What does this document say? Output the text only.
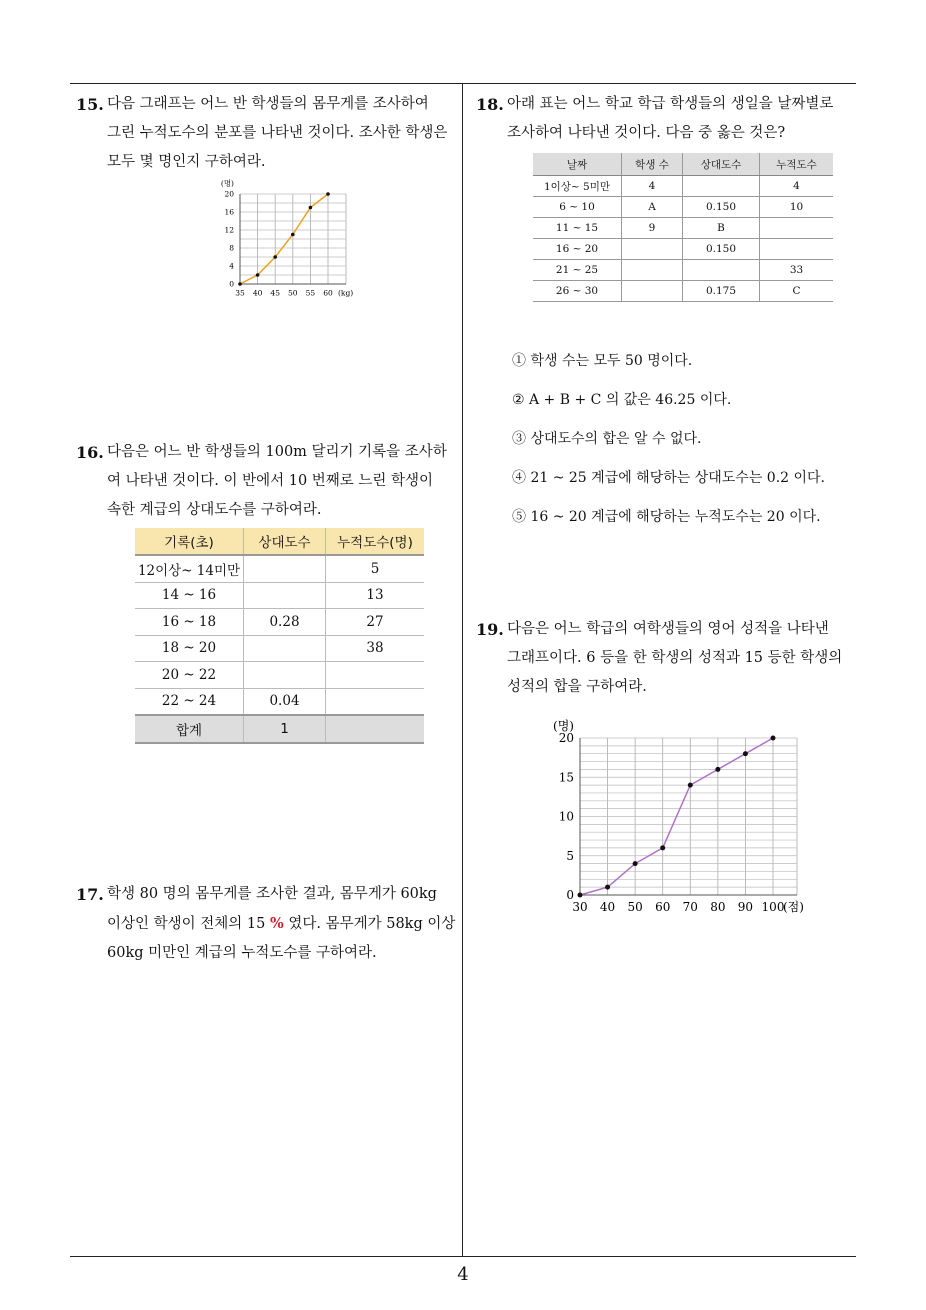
15. 다음 그래프는 어느 반 학생들의 몸무게를 조사하여
그린 누적도수의 분포를 나타낸 것이다. 조사한 학생은
모두 몇 명인지 구하여라.
35 40 45 50 55 60
0
4
8
12
16
20
(kg)
(명)
16. 다음은 어느 반 학생들의 100m 달리기 기록을 조사하
여 나타낸 것이다. 이 반에서 10 번째로 느린 학생이
속한 계급의 상대도수를 구하여라.
기록(초)	상대도수	누적도수(명)
12이상~ 14미만		5
14 ~ 16		13
16 ~ 18	0.28	27
18 ~ 20		38
20 ~ 22		
22 ~ 24	0.04	
합계	1	
17. 학생 80 명의 몸무게를 조사한 결과, 몸무게가 60kg
이상인 학생이 전체의 15 % 였다. 몸무게가 58kg 이상
60kg 미만인 계급의 누적도수를 구하여라.
18. 아래 표는 어느 학교 학급 학생들의 생일을 날짜별로
조사하여 나타낸 것이다. 다음 중 옳은 것은?
날짜	학생 수	상대도수	누적도수
1이상~ 5미만	4		4
6 ~ 10	A	0.150	10
11 ~ 15	9	B	
16 ~ 20		0.150	
21 ~ 25			33
26 ~ 30		0.175	C
① 학생 수는 모두 50 명이다.
② A + B + C 의 값은 46.25 이다.
③ 상대도수의 합은 알 수 없다.
④ 21 ~ 25 계급에 해당하는 상대도수는 0.2 이다.
⑤ 16 ~ 20 계급에 해당하는 누적도수는 20 이다.
19. 다음은 어느 학급의 여학생들의 영어 성적을 나타낸
그래프이다. 6 등을 한 학생의 성적과 15 등한 학생의
성적의 합을 구하여라.
30 40 50 60 70 80 90 100
0
5
10
15
20
(점)
(명)
4
